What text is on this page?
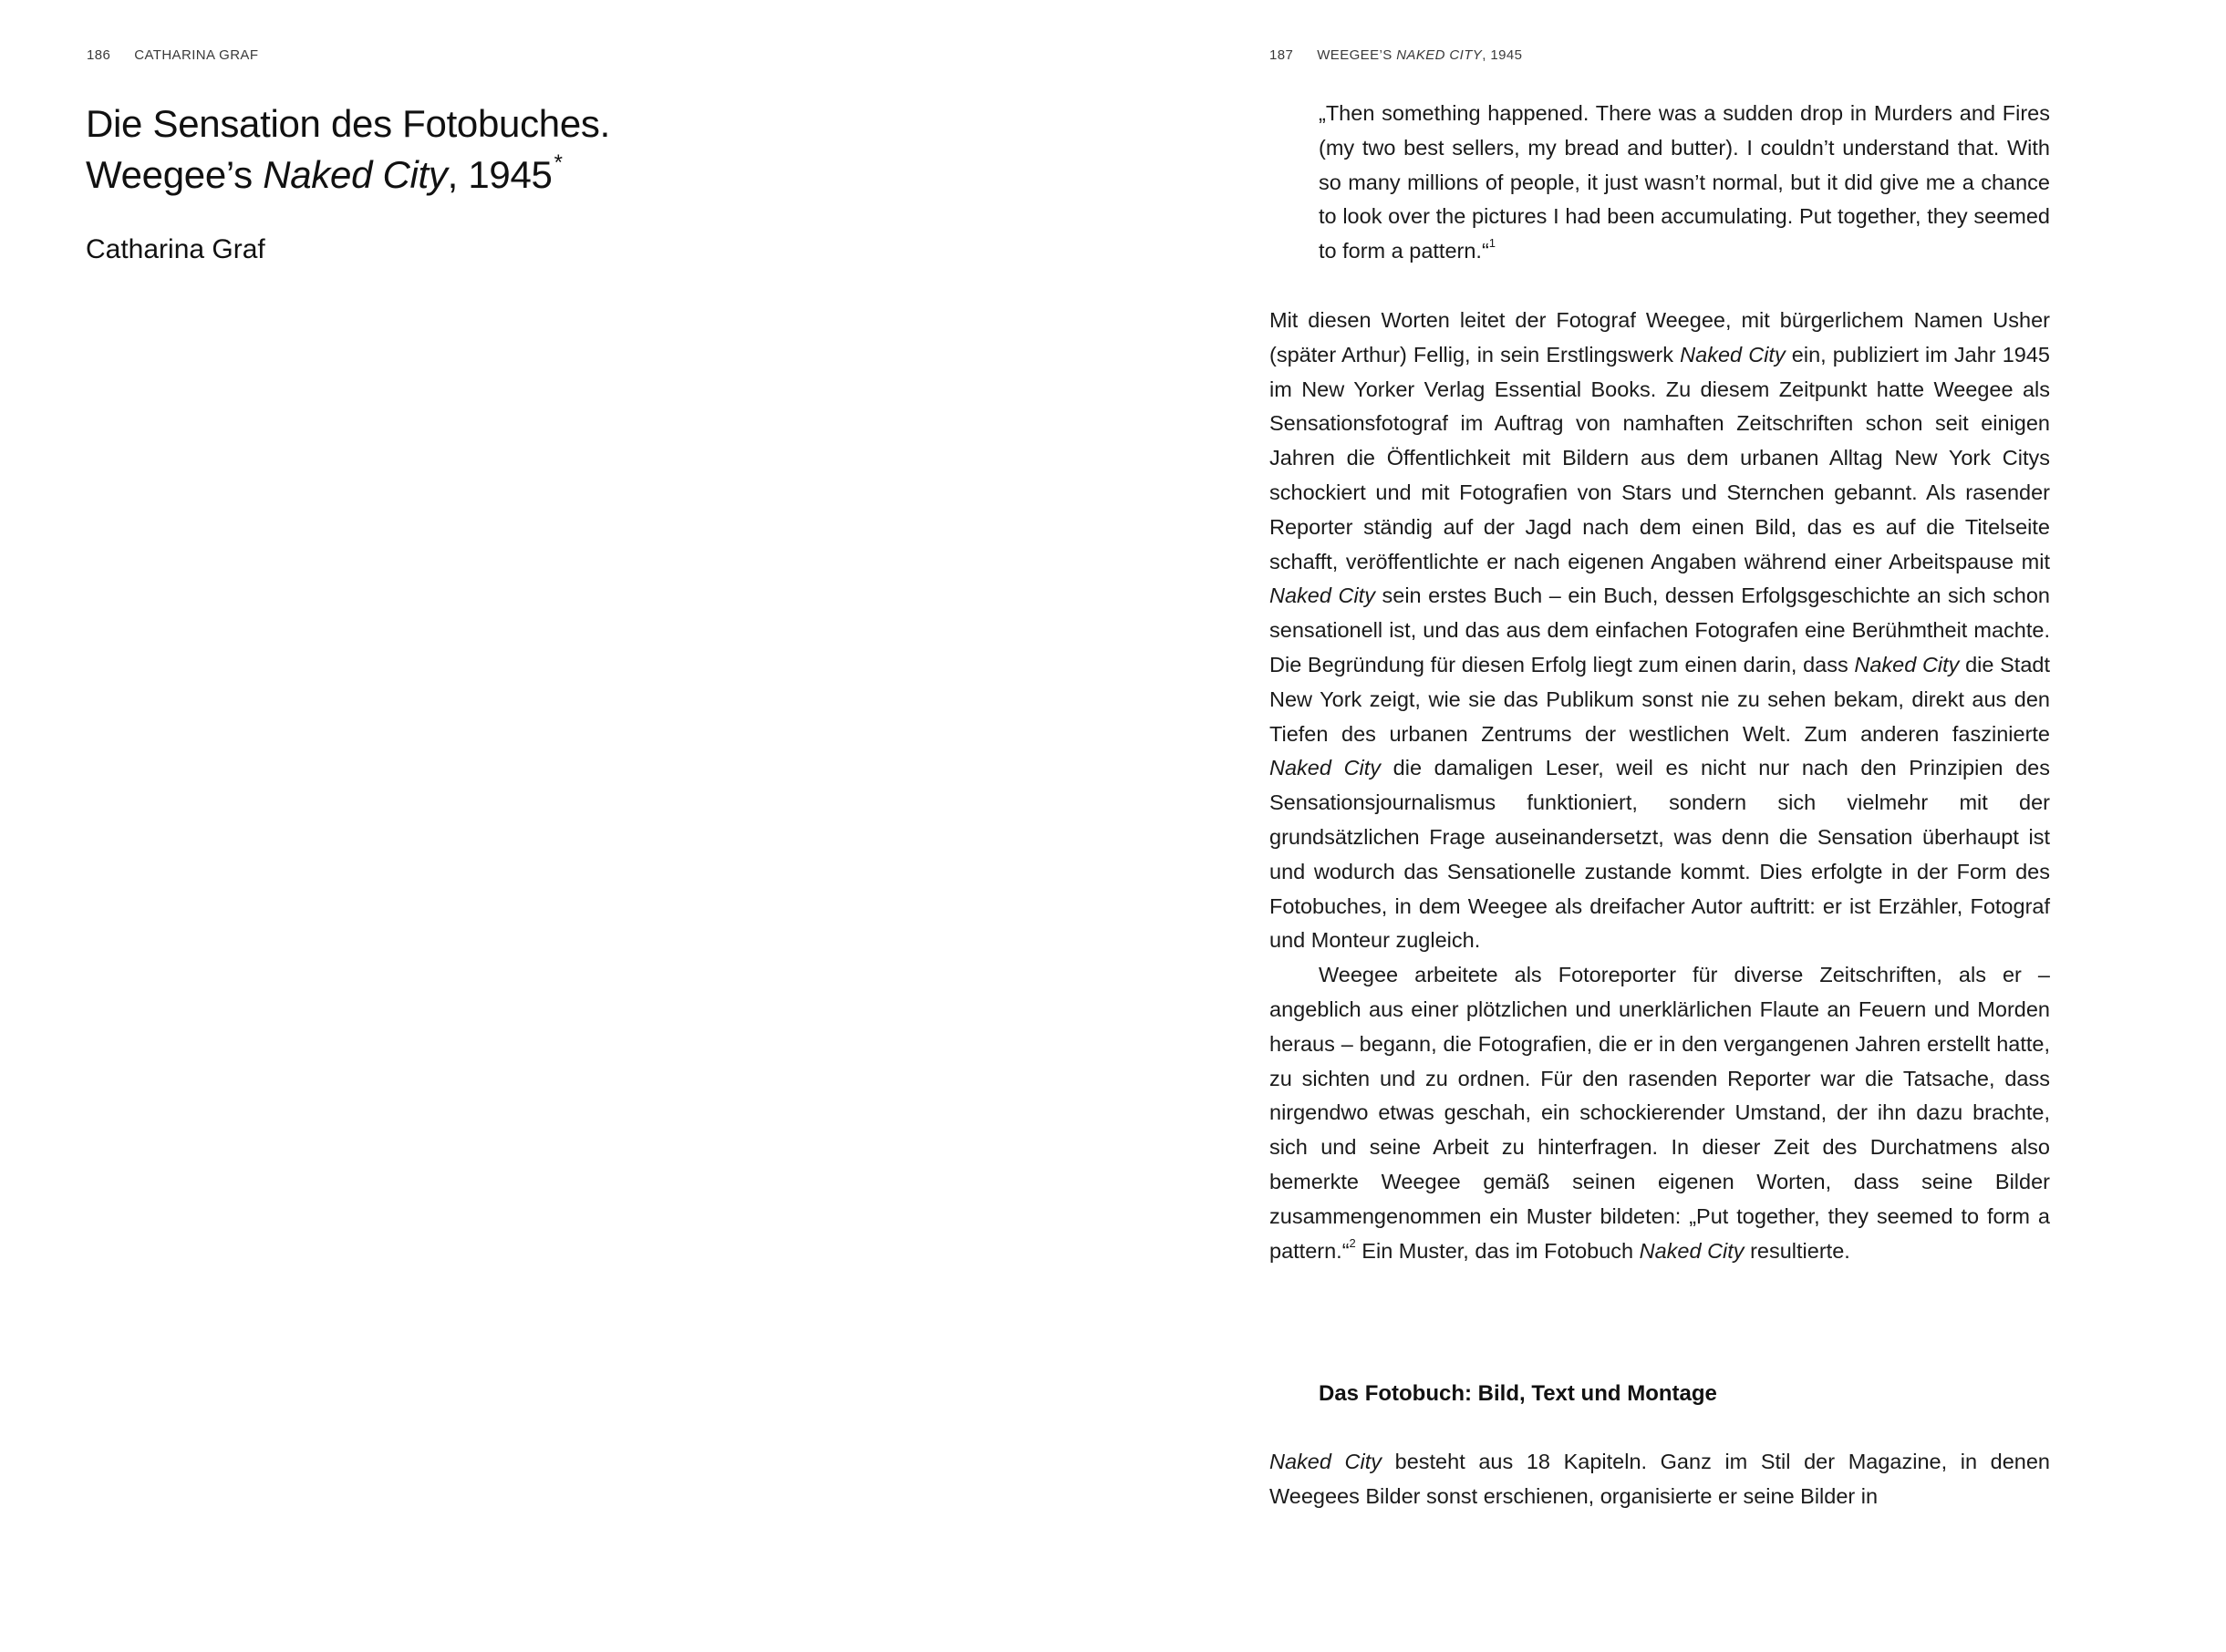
186 CATHARINA GRAF
Die Sensation des Fotobuches.
Weegee’s Naked City, 1945*
Catharina Graf
187 WEEGEE’S NAKED CITY, 1945
„Then something happened. There was a sudden drop in Murders and Fires (my two best sellers, my bread and butter). I couldn’t understand that. With so many millions of people, it just wasn’t normal, but it did give me a chance to look over the pictures I had been accumulating. Put together, they seemed to form a pattern.“$^1$

Mit diesen Worten leitet der Fotograf Weegee, mit bürgerlichem Namen Usher (später Arthur) Fellig, in sein Erstlingswerk Naked City ein, publiziert im Jahr 1945 im New Yorker Verlag Essential Books. Zu diesem Zeitpunkt hatte Weegee als Sensationsfotograf im Auftrag von namhaften Zeitschriften schon seit einigen Jahren die Öffentlichkeit mit Bildern aus dem urbanen Alltag New York Citys schockiert und mit Fotografien von Stars und Sternchen gebannt. Als rasender Reporter ständig auf der Jagd nach dem einen Bild, das es auf die Titelseite schafft, veröffentlichte er nach eigenen Angaben während einer Arbeitspause mit Naked City sein erstes Buch – ein Buch, dessen Erfolgsgeschichte an sich schon sensationell ist, und das aus dem einfachen Fotografen eine Berühmtheit machte. Die Begründung für diesen Erfolg liegt zum einen darin, dass Naked City die Stadt New York zeigt, wie sie das Publikum sonst nie zu sehen bekam, direkt aus den Tiefen des urbanen Zentrums der westlichen Welt. Zum anderen faszinierte Naked City die damaligen Leser, weil es nicht nur nach den Prinzipien des Sensationsjournalismus funktioniert, sondern sich vielmehr mit der grundsätzlichen Frage auseinandersetzt, was denn die Sensation überhaupt ist und wodurch das Sensationelle zustande kommt. Dies erfolgte in der Form des Fotobuches, in dem Weegee als dreifacher Autor auftritt: er ist Erzähler, Fotograf und Monteur zugleich.

Weegee arbeitete als Fotoreporter für diverse Zeitschriften, als er – angeblich aus einer plötzlichen und unerklärlichen Flaute an Feuern und Morden heraus – begann, die Fotografien, die er in den vergangenen Jahren erstellt hatte, zu sichten und zu ordnen. Für den rasenden Reporter war die Tatsache, dass nirgendwo etwas geschah, ein schockierender Umstand, der ihn dazu brachte, sich und seine Arbeit zu hinterfragen. In dieser Zeit des Durchatmens also bemerkte Weegee gemäß seinen eigenen Worten, dass seine Bilder zusammengenommen ein Muster bildeten: „Put together, they seemed to form a pattern.“$^2$ Ein Muster, das im Fotobuch Naked City resultierte.

Das Fotobuch: Bild, Text und Montage

Naked City besteht aus 18 Kapiteln. Ganz im Stil der Magazine, in denen Weegees Bilder sonst erschienen, organisierte er seine Bilder in
